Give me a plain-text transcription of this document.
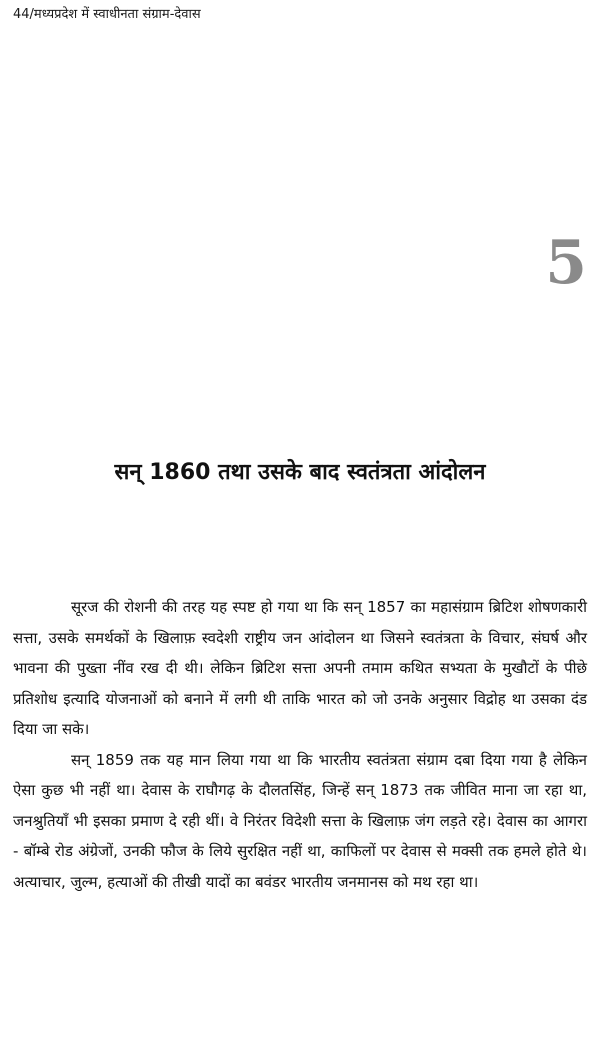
44/मध्यप्रदेश में स्वाधीनता संग्राम-देवास
5
सन् 1860 तथा उसके बाद स्वतंत्रता आंदोलन

सूरज की रोशनी की तरह यह स्पष्ट हो गया था कि सन् 1857 का महासंग्राम ब्रिटिश शोषणकारी सत्ता, उसके समर्थकों के खिलाफ़ स्वदेशी राष्ट्रीय जन आंदोलन था जिसने स्वतंत्रता के विचार, संघर्ष और भावना की पुख्ता नींव रख दी थी। लेकिन ब्रिटिश सत्ता अपनी तमाम कथित सभ्यता के मुखौटों के पीछे प्रतिशोध इत्यादि योजनाओं को बनाने में लगी थी ताकि भारत को जो उनके अनुसार विद्रोह था उसका दंड दिया जा सके।

सन् 1859 तक यह मान लिया गया था कि भारतीय स्वतंत्रता संग्राम दबा दिया गया है लेकिन ऐसा कुछ भी नहीं था। देवास के राघौगढ़ के दौलतसिंह, जिन्हें सन् 1873 तक जीवित माना जा रहा था, जनश्रुतियाँ भी इसका प्रमाण दे रही थीं। वे निरंतर विदेशी सत्ता के खिलाफ़ जंग लड़ते रहे। देवास का आगरा - बॉम्बे रोड अंग्रेजों, उनकी फौज के लिये सुरक्षित नहीं था, काफिलों पर देवास से मक्सी तक हमले होते थे। अत्याचार, जुल्म, हत्याओं की तीखी यादों का बवंडर भारतीय जनमानस को मथ रहा था।
